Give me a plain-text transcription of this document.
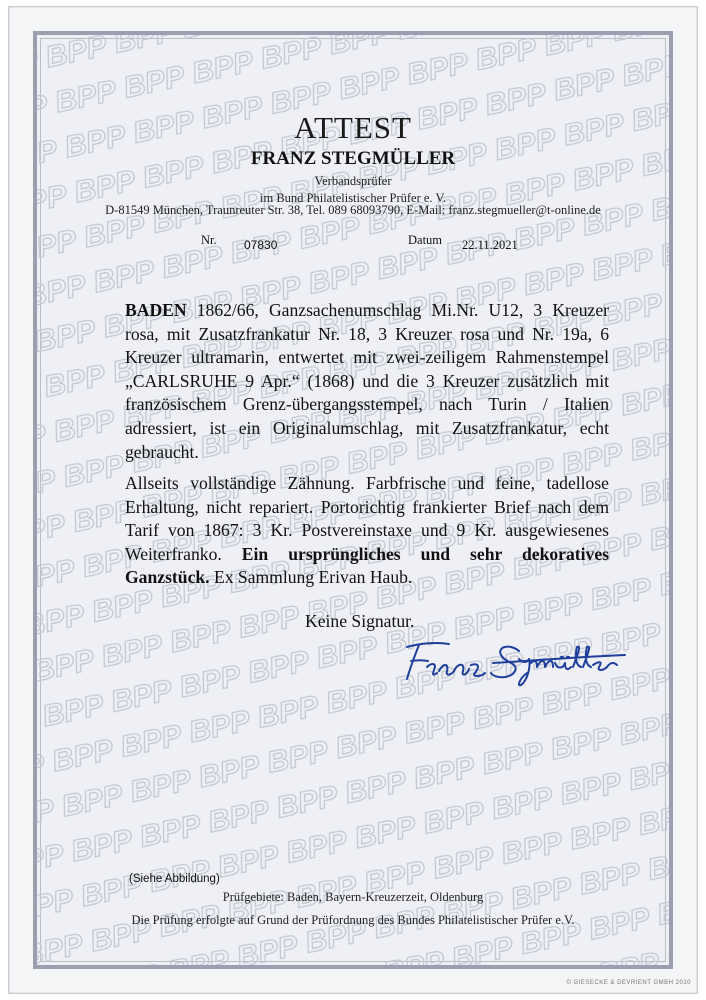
ATTEST
FRANZ STEGMÜLLER
Verbandsprüfer
im Bund Philatelistischer Prüfer e. V.
D-81549 München, Traunreuter Str. 38, Tel. 089 68093790, E-Mail: franz.stegmueller@t-online.de
Nr. 07830	Datum 22.11.2021

BADEN 1862/66, Ganzsachenumschlag Mi.Nr. U12, 3 Kreuzer rosa, mit Zusatzfrankatur Nr. 18, 3 Kreuzer rosa und Nr. 19a, 6 Kreuzer ultramarin, entwertet mit zwei-zeiligem Rahmenstempel „CARLSRUHE 9 Apr.“ (1868) und die 3 Kreuzer zusätzlich mit französischem Grenz-übergangsstempel, nach Turin / Italien adressiert, ist ein Originalumschlag, mit Zusatzfrankatur, echt gebraucht.

Allseits vollständige Zähnung. Farbfrische und feine, tadellose Erhaltung, nicht repariert. Portorichtig frankierter Brief nach dem Tarif von 1867: 3 Kr. Postvereinstaxe und 9 Kr. ausgewiesenes Weiterfranko. Ein ursprüngliches und sehr dekoratives Ganzstück. Ex Sammlung Erivan Haub.

Keine Signatur.
Franz Stegmüller
(Siehe Abbildung)
Prüfgebiete: Baden, Bayern-Kreuzerzeit, Oldenburg
Die Prüfung erfolgte auf Grund der Prüfordnung des Bundes Philatelistischer Prüfer e.V.
© GIESECKE & DEVRIENT GMBH 2010
